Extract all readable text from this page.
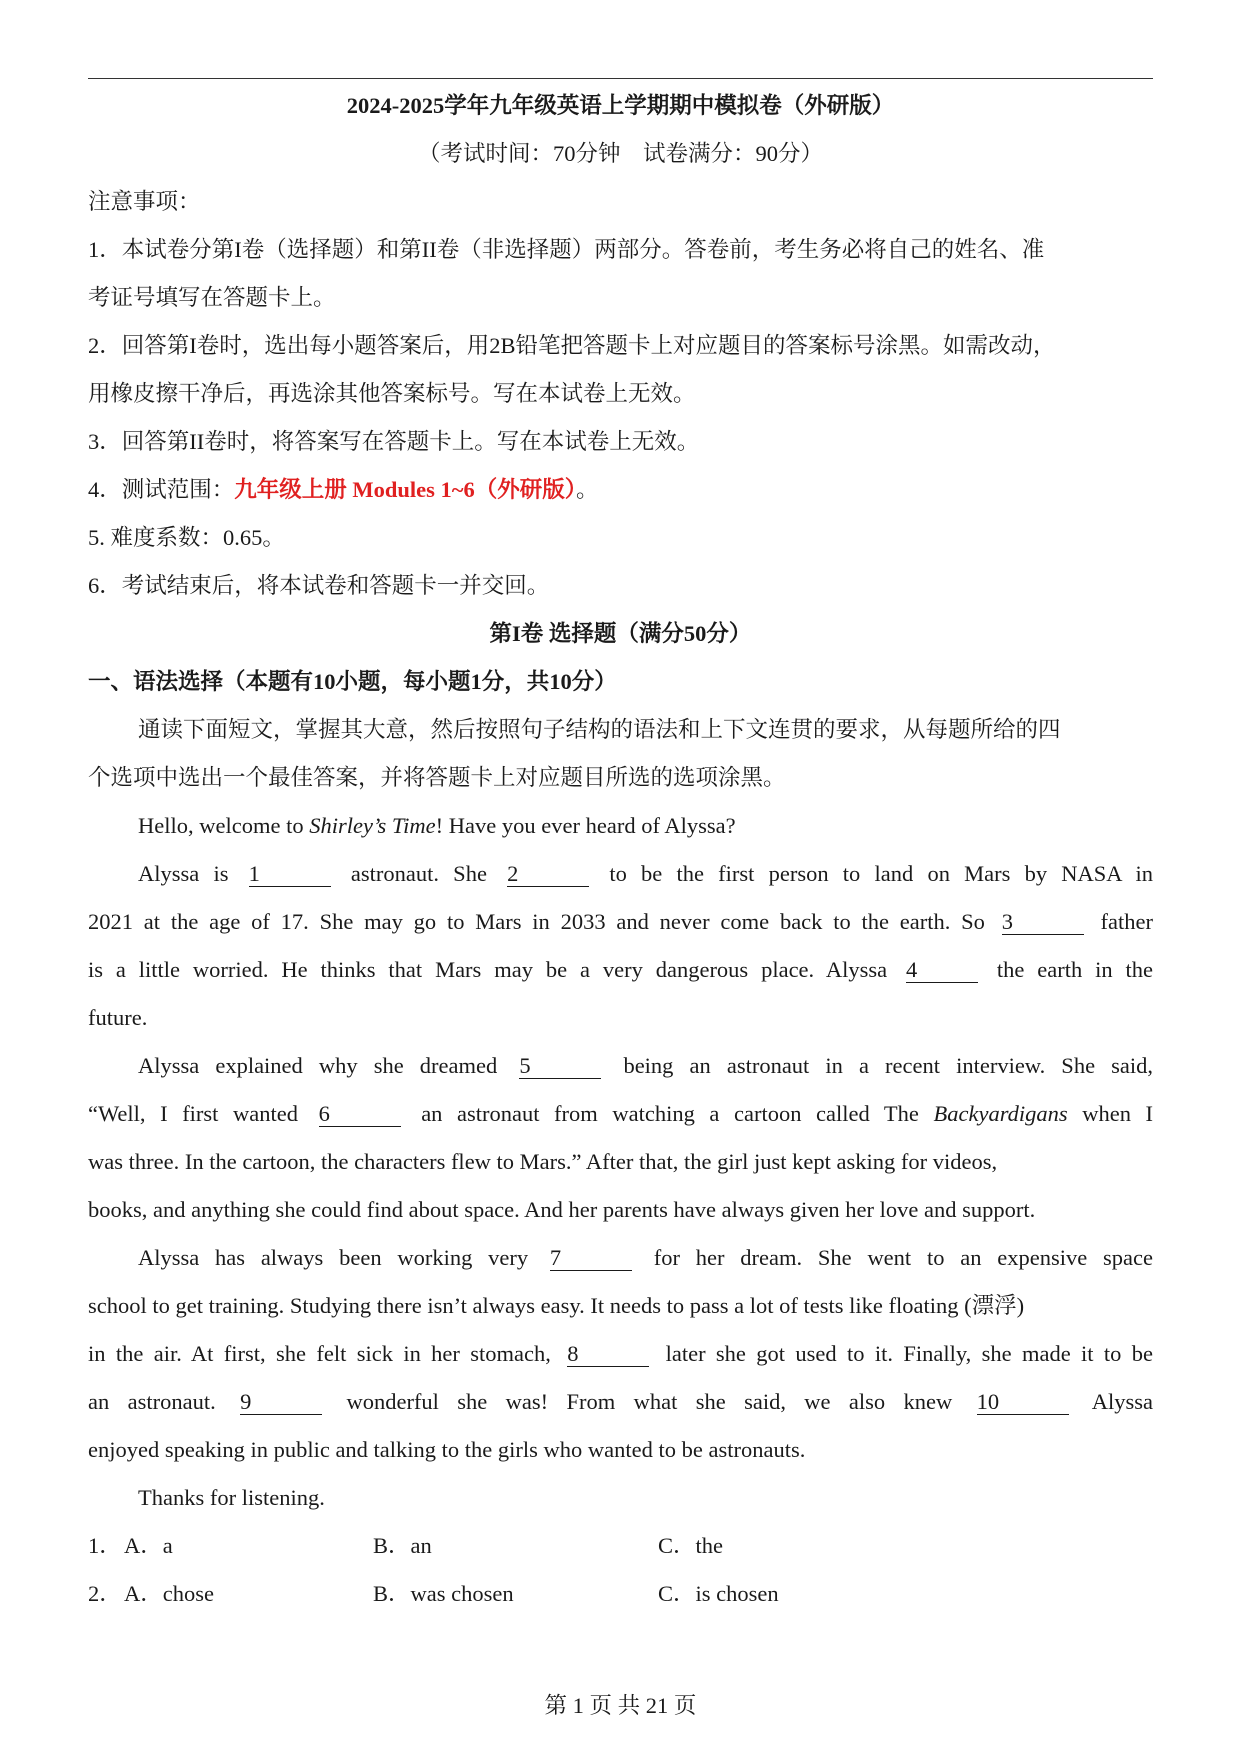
2024-2025学年九年级英语上学期期中模拟卷（外研版）
（考试时间：70分钟　试卷满分：90分）
注意事项：
1．本试卷分第I卷（选择题）和第II卷（非选择题）两部分。答卷前，考生务必将自己的姓名、准
考证号填写在答题卡上。
2．回答第I卷时，选出每小题答案后，用2B铅笔把答题卡上对应题目的答案标号涂黑。如需改动，
用橡皮擦干净后，再选涂其他答案标号。写在本试卷上无效。
3．回答第II卷时，将答案写在答题卡上。写在本试卷上无效。
4．测试范围：九年级上册 Modules 1~6（外研版）。
5. 难度系数：0.65。
6．考试结束后，将本试卷和答题卡一并交回。
第I卷 选择题（满分50分）
一、语法选择（本题有10小题，每小题1分，共10分）
通读下面短文，掌握其大意，然后按照句子结构的语法和上下文连贯的要求，从每题所给的四
个选项中选出一个最佳答案，并将答题卡上对应题目所选的选项涂黑。
Hello, welcome to Shirley’s Time! Have you ever heard of Alyssa?
Alyssa is 1	astronaut. She 2	to be the first person to land on Mars by NASA in
2021 at the age of 17. She may go to Mars in 2033 and never come back to the earth. So 3	father
is a little worried. He thinks that Mars may be a very dangerous place. Alyssa 4	the earth in the
future.
Alyssa explained why she dreamed 5	being an astronaut in a recent interview. She said,
“Well, I first wanted 6	an astronaut from watching a cartoon called The Backyardigans when I
was three. In the cartoon, the characters flew to Mars.” After that, the girl just kept asking for videos,
books, and anything she could find about space. And her parents have always given her love and support.
Alyssa has always been working very 7	for her dream. She went to an expensive space
school to get training. Studying there isn’t always easy. It needs to pass a lot of tests like floating (漂浮)
in the air. At first, she felt sick in her stomach, 8	later she got used to it. Finally, she made it to be
an astronaut. 9	wonderful she was! From what she said, we also knew 10	Alyssa
enjoyed speaking in public and talking to the girls who wanted to be astronauts.
Thanks for listening.
1． A．a	B．an	C．the
2． A．chose	B．was chosen	C．is chosen
第 1 页 共 21 页
